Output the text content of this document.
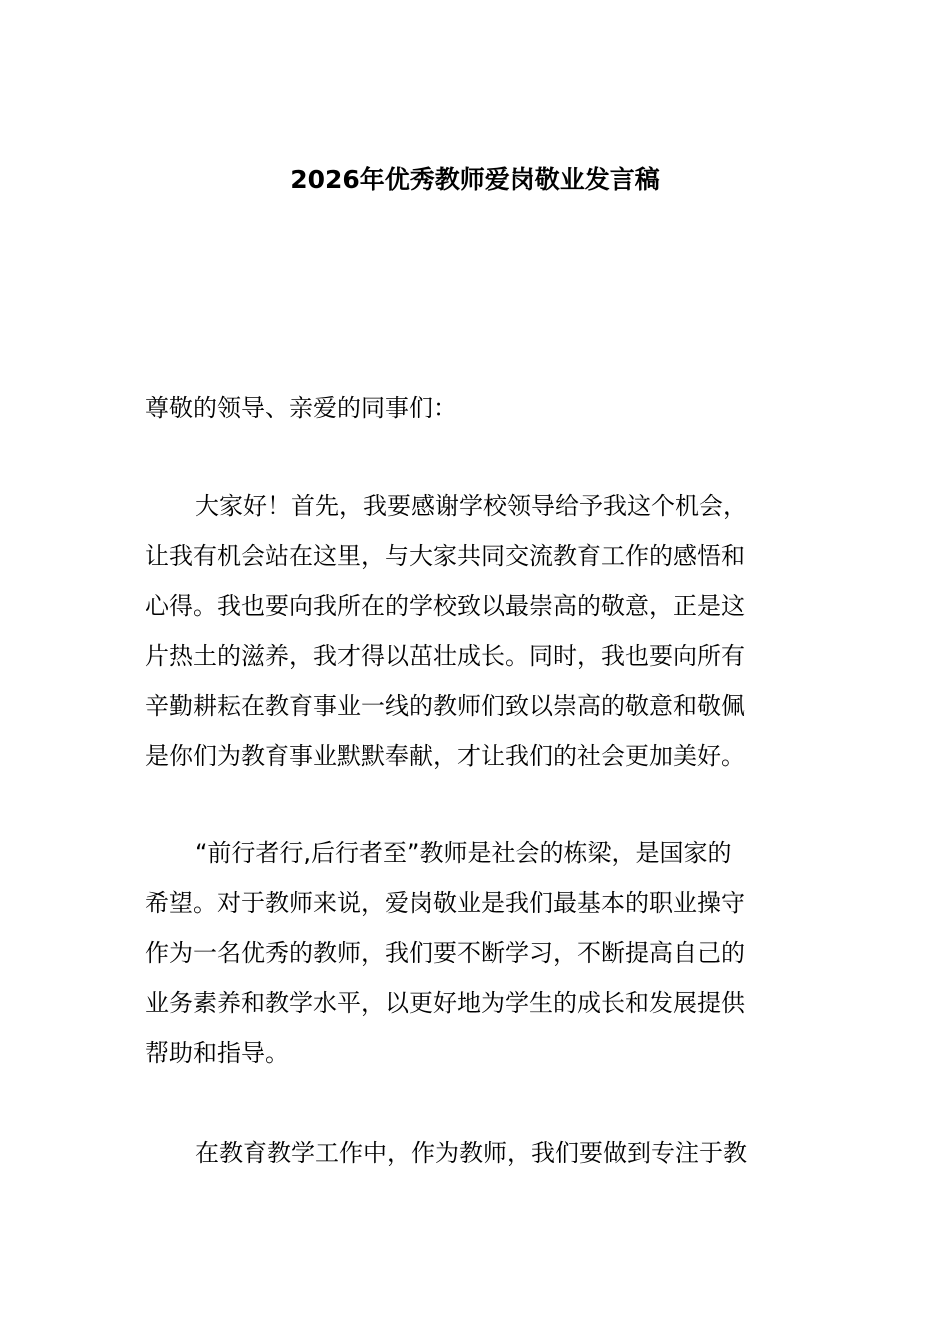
2026年优秀教师爱岗敬业发言稿

尊敬的领导、亲爱的同事们：

大家好！首先，我要感谢学校领导给予我这个机会，
让我有机会站在这里，与大家共同交流教育工作的感悟和
心得。我也要向我所在的学校致以最崇高的敬意，正是这
片热土的滋养，我才得以茁壮成长。同时，我也要向所有
辛勤耕耘在教育事业一线的教师们致以崇高的敬意和敬佩
是你们为教育事业默默奉献，才让我们的社会更加美好。
“前行者行,后行者至”教师是社会的栋梁，是国家的
希望。对于教师来说，爱岗敬业是我们最基本的职业操守
作为一名优秀的教师，我们要不断学习，不断提高自己的
业务素养和教学水平，以更好地为学生的成长和发展提供
帮助和指导。
在教育教学工作中，作为教师，我们要做到专注于教
